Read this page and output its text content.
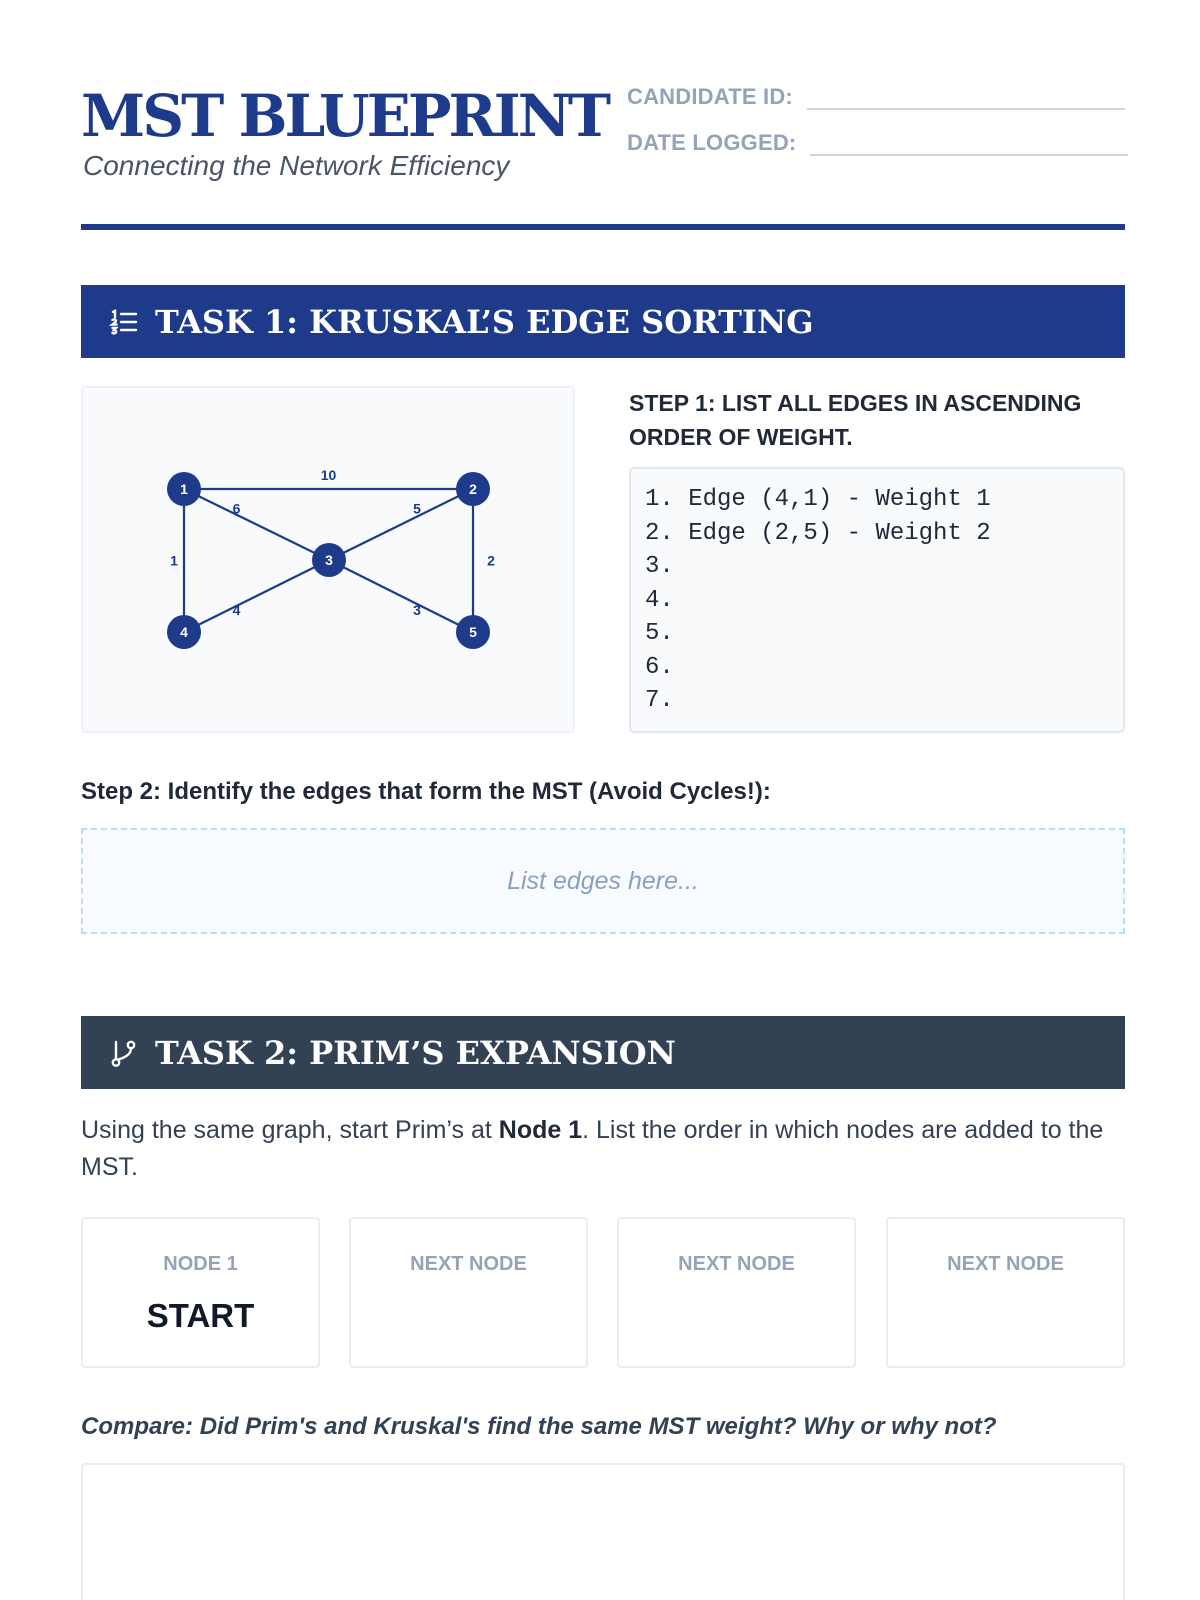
MST BLUEPRINT
Connecting the Network Efficiency
CANDIDATE ID:
DATE LOGGED:
TASK 1: KRUSKAL’S EDGE SORTING
10
6	5
1	2
4	3
1	2
3
4	5
STEP 1: LIST ALL EDGES IN ASCENDING ORDER OF WEIGHT.
1. Edge (4,1) - Weight 1
2. Edge (2,5) - Weight 2
3.
4.
5.
6.
7.
Step 2: Identify the edges that form the MST (Avoid Cycles!):
List edges here...
TASK 2: PRIM’S EXPANSION
Using the same graph, start Prim’s at Node 1. List the order in which nodes are added to the MST.
NODE 1
START
NEXT NODE	NEXT NODE	NEXT NODE
Compare: Did Prim's and Kruskal's find the same MST weight? Why or why not?
